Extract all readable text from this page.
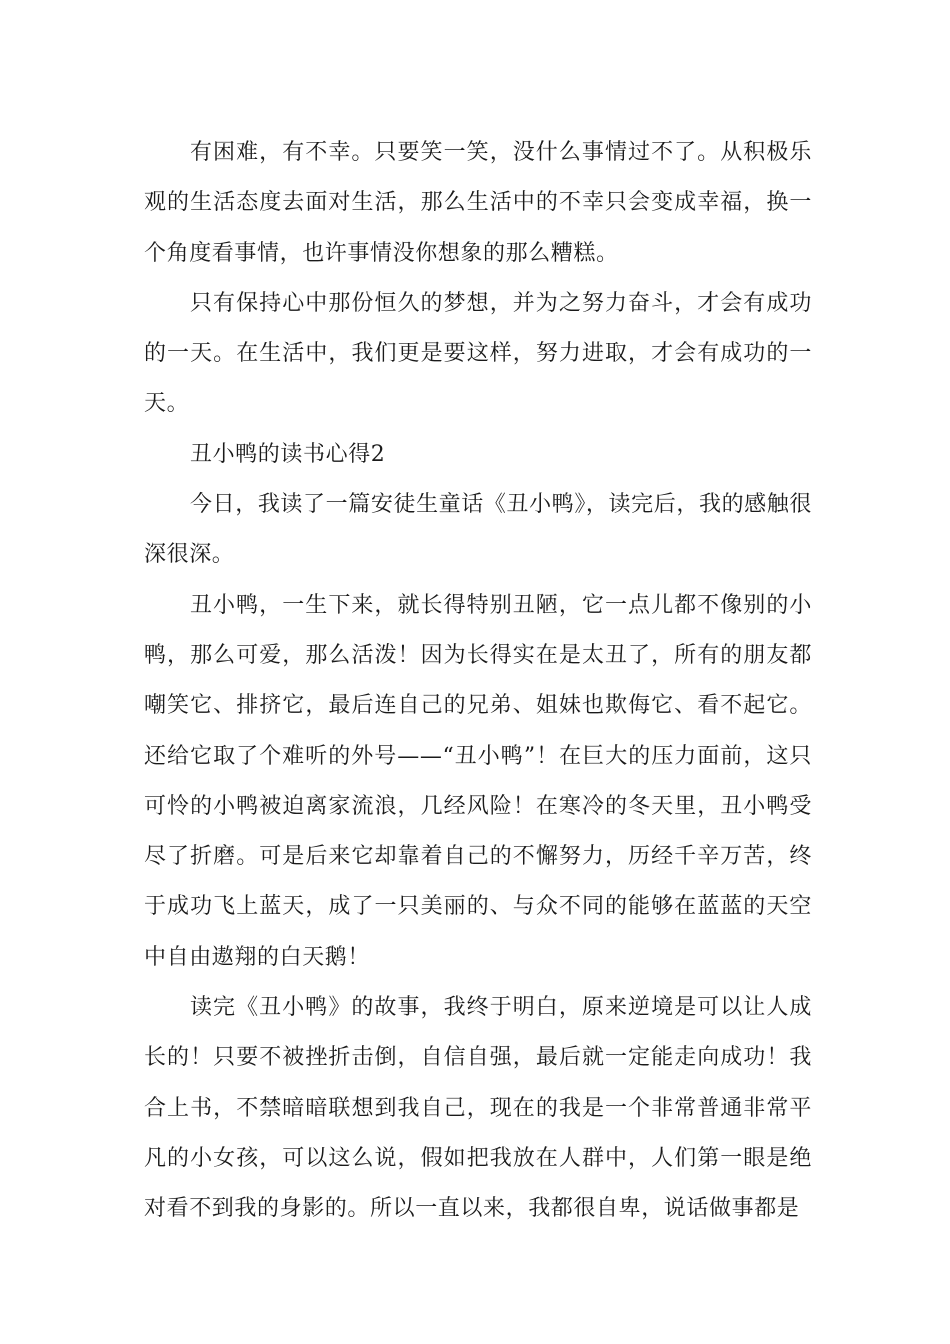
有困难，有不幸。只要笑一笑，没什么事情过不了。从积极乐观的生活态度去面对生活，那么生活中的不幸只会变成幸福，换一个角度看事情，也许事情没你想象的那么糟糕。

只有保持心中那份恒久的梦想，并为之努力奋斗，才会有成功的一天。在生活中，我们更是要这样，努力进取，才会有成功的一天。

丑小鸭的读书心得2

今日，我读了一篇安徒生童话《丑小鸭》，读完后，我的感触很深很深。

丑小鸭，一生下来，就长得特别丑陋，它一点儿都不像别的小鸭，那么可爱，那么活泼！因为长得实在是太丑了，所有的朋友都嘲笑它、排挤它，最后连自己的兄弟、姐妹也欺侮它、看不起它。还给它取了个难听的外号——“丑小鸭”！在巨大的压力面前，这只可怜的小鸭被迫离家流浪，几经风险！在寒冷的冬天里，丑小鸭受尽了折磨。可是后来它却靠着自己的不懈努力，历经千辛万苦，终于成功飞上蓝天，成了一只美丽的、与众不同的能够在蓝蓝的天空中自由遨翔的白天鹅！

读完《丑小鸭》的故事，我终于明白，原来逆境是可以让人成长的！只要不被挫折击倒，自信自强，最后就一定能走向成功！我合上书，不禁暗暗联想到我自己，现在的我是一个非常普通非常平凡的小女孩，可以这么说，假如把我放在人群中，人们第一眼是绝对看不到我的身影的。所以一直以来，我都很自卑，说话做事都是
